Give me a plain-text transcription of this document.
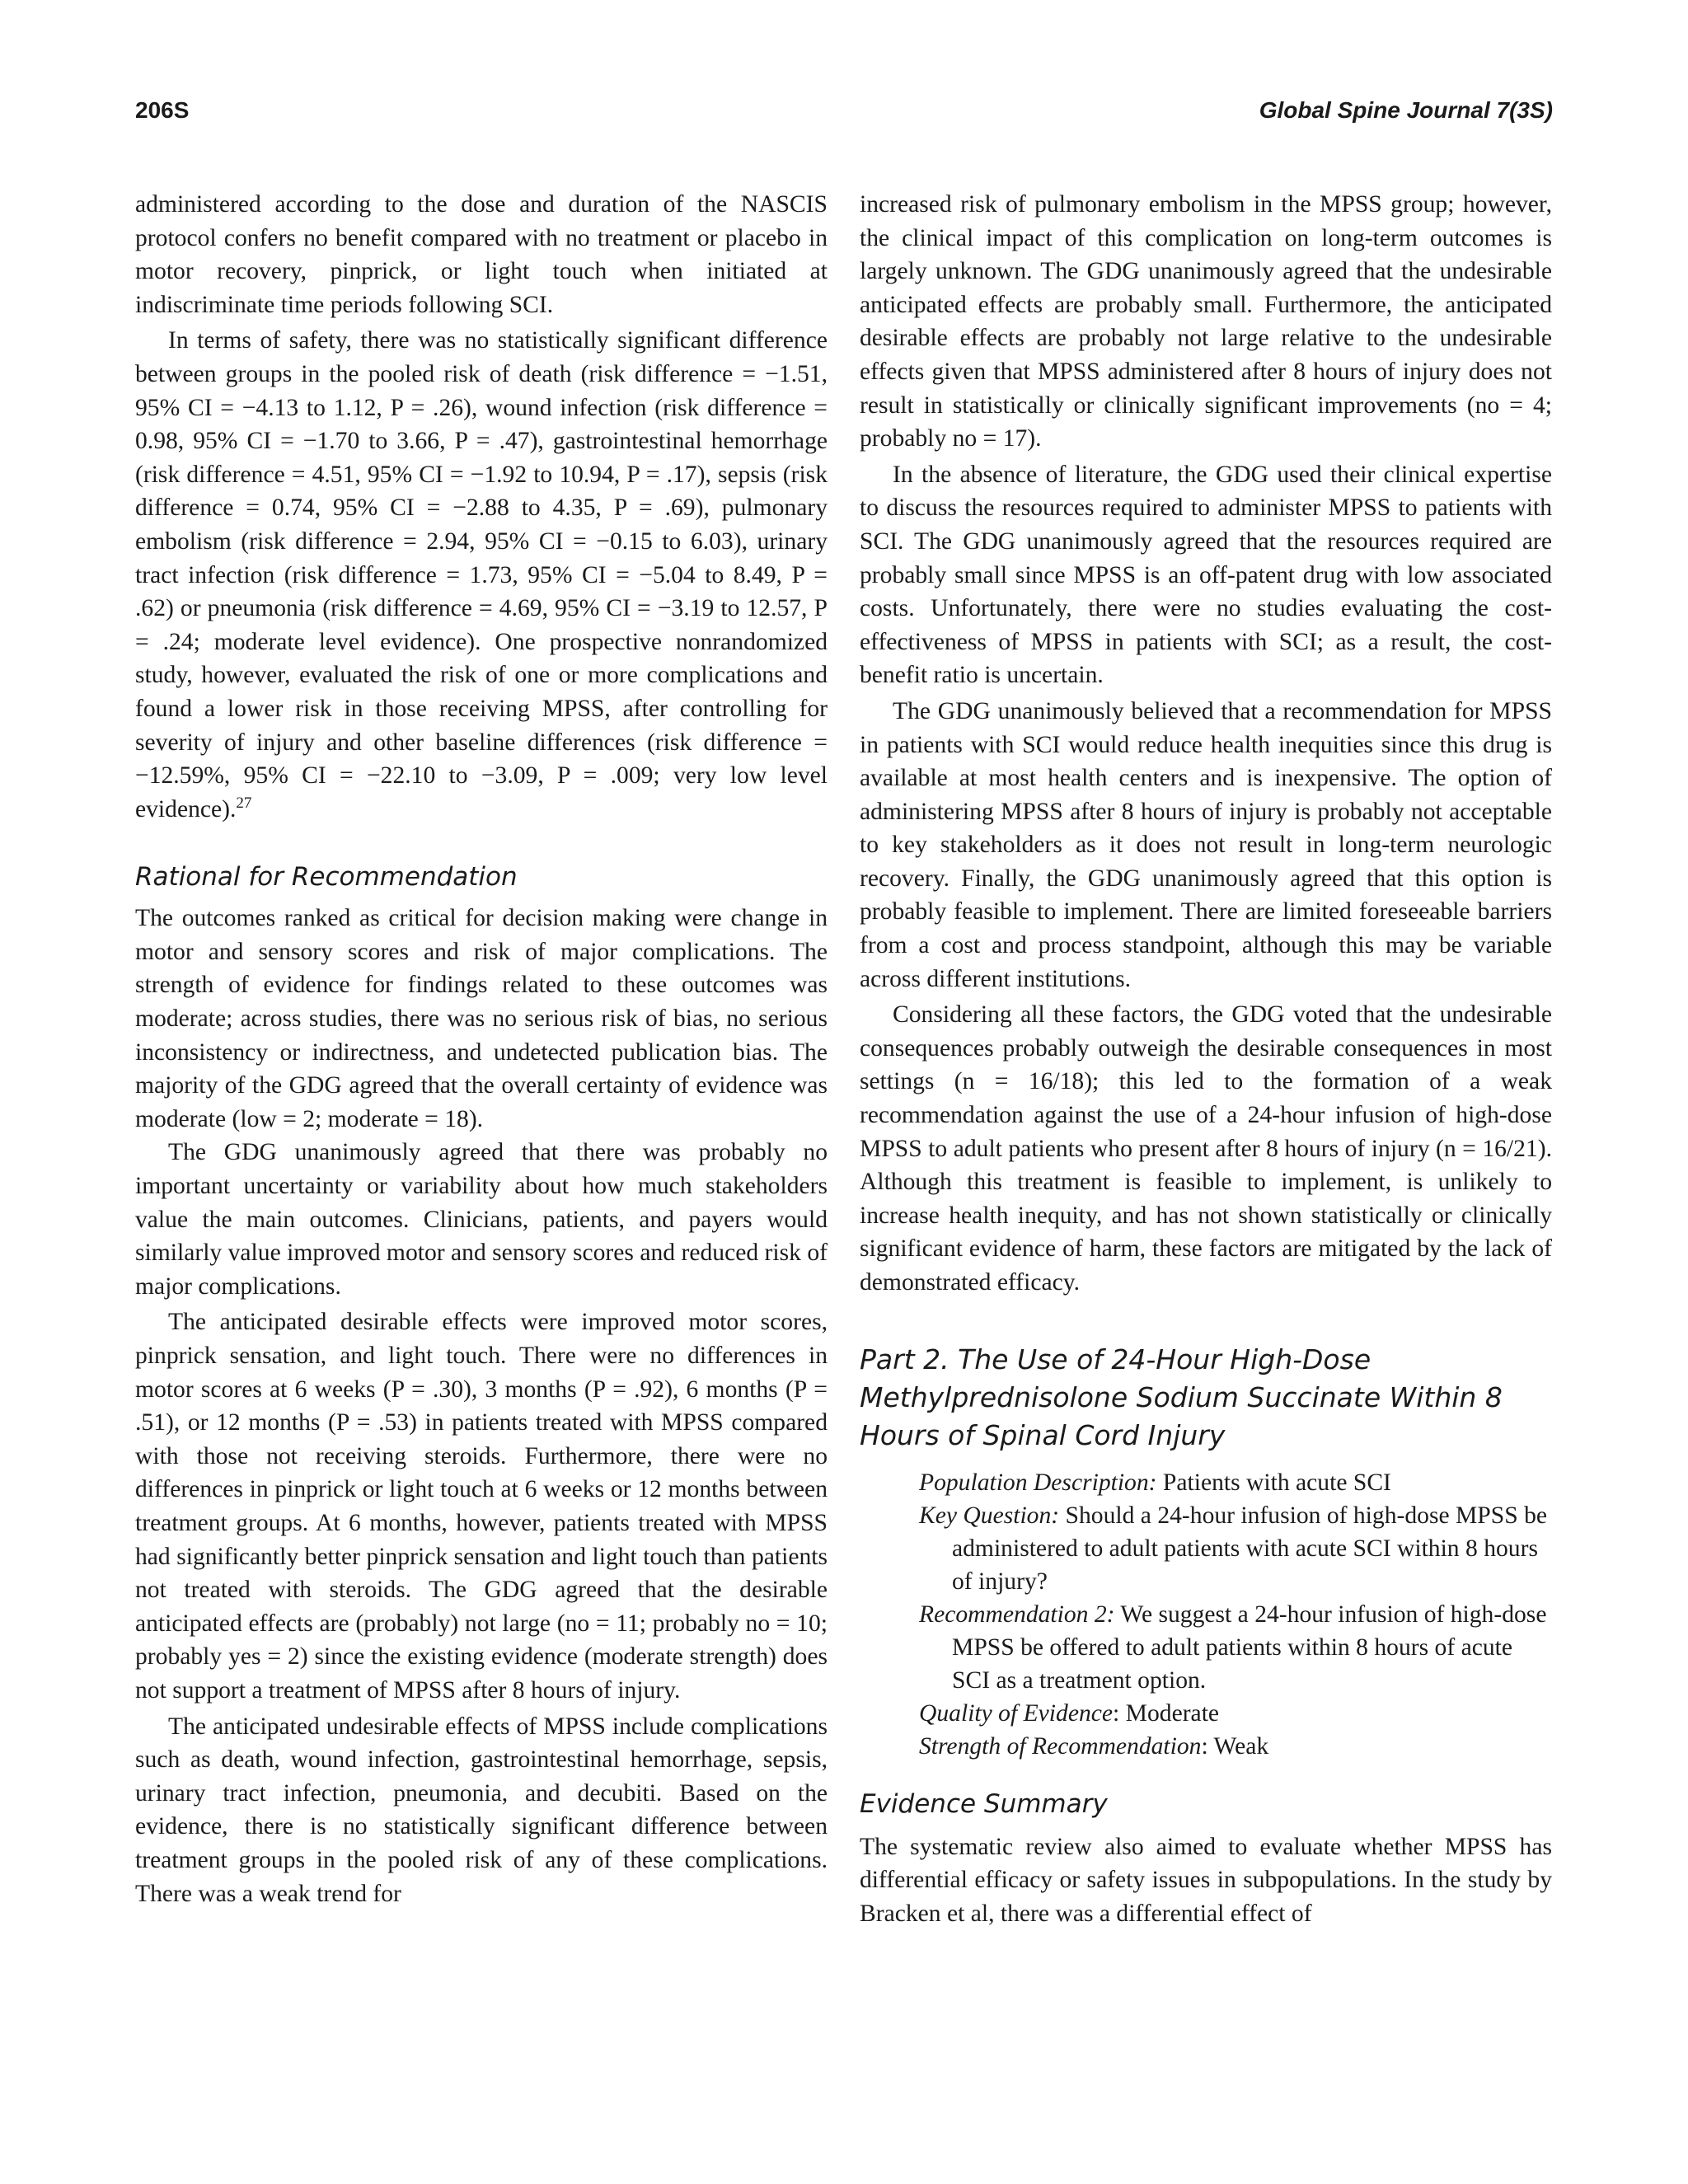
206S	Global Spine Journal 7(3S)

administered according to the dose and duration of the NASCIS protocol confers no benefit compared with no treatment or placebo in motor recovery, pinprick, or light touch when initiated at indiscriminate time periods following SCI.

In terms of safety, there was no statistically significant difference between groups in the pooled risk of death (risk difference = −1.51, 95% CI = −4.13 to 1.12, P = .26), wound infection (risk difference = 0.98, 95% CI = −1.70 to 3.66, P = .47), gastrointestinal hemorrhage (risk difference = 4.51, 95% CI = −1.92 to 10.94, P = .17), sepsis (risk difference = 0.74, 95% CI = −2.88 to 4.35, P = .69), pulmonary embolism (risk difference = 2.94, 95% CI = −0.15 to 6.03), urinary tract infection (risk difference = 1.73, 95% CI = −5.04 to 8.49, P = .62) or pneumonia (risk difference = 4.69, 95% CI = −3.19 to 12.57, P = .24; moderate level evidence). One prospective nonrandomized study, however, evaluated the risk of one or more complications and found a lower risk in those receiving MPSS, after controlling for severity of injury and other baseline differences (risk difference = −12.59%, 95% CI = −22.10 to −3.09, P = .009; very low level evidence).$^{27}$

Rational for Recommendation

The outcomes ranked as critical for decision making were change in motor and sensory scores and risk of major complications. The strength of evidence for findings related to these outcomes was moderate; across studies, there was no serious risk of bias, no serious inconsistency or indirectness, and undetected publication bias. The majority of the GDG agreed that the overall certainty of evidence was moderate (low = 2; moderate = 18).

The GDG unanimously agreed that there was probably no important uncertainty or variability about how much stakeholders value the main outcomes. Clinicians, patients, and payers would similarly value improved motor and sensory scores and reduced risk of major complications.

The anticipated desirable effects were improved motor scores, pinprick sensation, and light touch. There were no differences in motor scores at 6 weeks (P = .30), 3 months (P = .92), 6 months (P = .51), or 12 months (P = .53) in patients treated with MPSS compared with those not receiving steroids. Furthermore, there were no differences in pinprick or light touch at 6 weeks or 12 months between treatment groups. At 6 months, however, patients treated with MPSS had significantly better pinprick sensation and light touch than patients not treated with steroids. The GDG agreed that the desirable anticipated effects are (probably) not large (no = 11; probably no = 10; probably yes = 2) since the existing evidence (moderate strength) does not support a treatment of MPSS after 8 hours of injury.

The anticipated undesirable effects of MPSS include complications such as death, wound infection, gastrointestinal hemorrhage, sepsis, urinary tract infection, pneumonia, and decubiti. Based on the evidence, there is no statistically significant difference between treatment groups in the pooled risk of any of these complications. There was a weak trend for

increased risk of pulmonary embolism in the MPSS group; however, the clinical impact of this complication on long-term outcomes is largely unknown. The GDG unanimously agreed that the undesirable anticipated effects are probably small. Furthermore, the anticipated desirable effects are probably not large relative to the undesirable effects given that MPSS administered after 8 hours of injury does not result in statistically or clinically significant improvements (no = 4; probably no = 17).

In the absence of literature, the GDG used their clinical expertise to discuss the resources required to administer MPSS to patients with SCI. The GDG unanimously agreed that the resources required are probably small since MPSS is an off-patent drug with low associated costs. Unfortunately, there were no studies evaluating the cost-effectiveness of MPSS in patients with SCI; as a result, the cost-benefit ratio is uncertain.

The GDG unanimously believed that a recommendation for MPSS in patients with SCI would reduce health inequities since this drug is available at most health centers and is inexpensive. The option of administering MPSS after 8 hours of injury is probably not acceptable to key stakeholders as it does not result in long-term neurologic recovery. Finally, the GDG unanimously agreed that this option is probably feasible to implement. There are limited foreseeable barriers from a cost and process standpoint, although this may be variable across different institutions.

Considering all these factors, the GDG voted that the undesirable consequences probably outweigh the desirable consequences in most settings (n = 16/18); this led to the formation of a weak recommendation against the use of a 24-hour infusion of high-dose MPSS to adult patients who present after 8 hours of injury (n = 16/21). Although this treatment is feasible to implement, is unlikely to increase health inequity, and has not shown statistically or clinically significant evidence of harm, these factors are mitigated by the lack of demonstrated efficacy.

Part 2. The Use of 24-Hour High-Dose Methylprednisolone Sodium Succinate Within 8 Hours of Spinal Cord Injury
Population Description: Patients with acute SCI
Key Question: Should a 24-hour infusion of high-dose MPSS be administered to adult patients with acute SCI within 8 hours of injury?
Recommendation 2: We suggest a 24-hour infusion of high-dose MPSS be offered to adult patients within 8 hours of acute SCI as a treatment option.
Quality of Evidence: Moderate
Strength of Recommendation: Weak
Evidence Summary

The systematic review also aimed to evaluate whether MPSS has differential efficacy or safety issues in subpopulations. In the study by Bracken et al, there was a differential effect of
